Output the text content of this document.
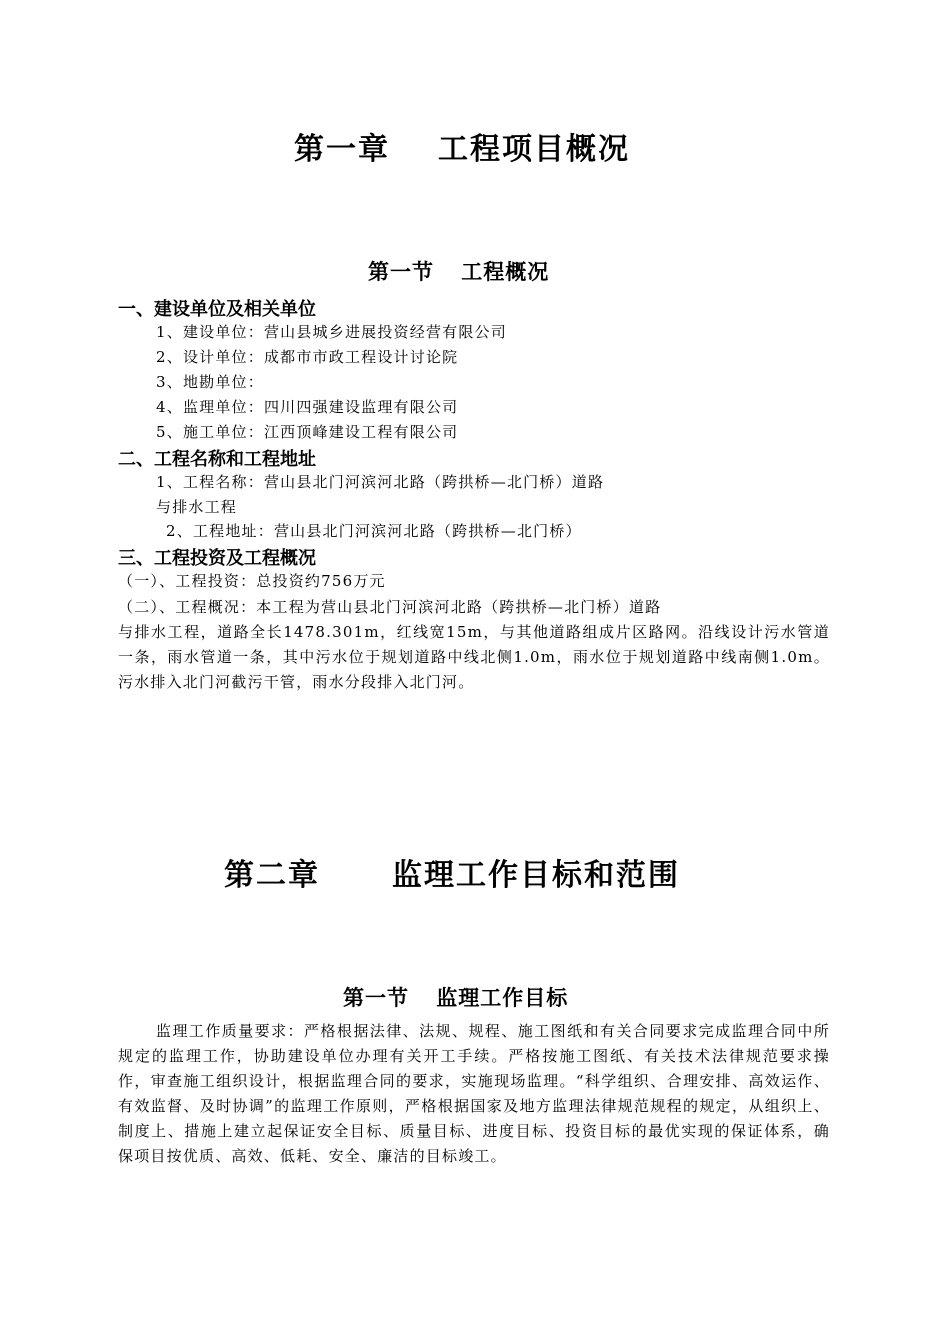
第一章 工程项目概况
第一节 工程概况
一、建设单位及相关单位
1、建设单位：营山县城乡进展投资经营有限公司
2、设计单位：成都市市政工程设计讨论院
3、地勘单位：
4、监理单位：四川四强建设监理有限公司
5、施工单位：江西顶峰建设工程有限公司
二、工程名称和工程地址
1、工程名称：营山县北门河滨河北路（跨拱桥—北门桥）道路
与排水工程
2、工程地址：营山县北门河滨河北路（跨拱桥—北门桥）
三、工程投资及工程概况
（一）、工程投资：总投资约756万元
（二）、工程概况：本工程为营山县北门河滨河北路（跨拱桥—北门桥）道路
与排水工程，道路全长1478.301m，红线宽15m，与其他道路组成片区路网。沿线设计污水管道一条，雨水管道一条，其中污水位于规划道路中线北侧1.0m，雨水位于规划道路中线南侧1.0m。污水排入北门河截污干管，雨水分段排入北门河。
第二章 监理工作目标和范围
第一节 监理工作目标
监理工作质量要求：严格根据法律、法规、规程、施工图纸和有关合同要求完成监理合同中所规定的监理工作，协助建设单位办理有关开工手续。严格按施工图纸、有关技术法律规范要求操作，审查施工组织设计，根据监理合同的要求，实施现场监理。“科学组织、合理安排、高效运作、有效监督、及时协调”的监理工作原则，严格根据国家及地方监理法律规范规程的规定，从组织上、制度上、措施上建立起保证安全目标、质量目标、进度目标、投资目标的最优实现的保证体系，确保项目按优质、高效、低耗、安全、廉洁的目标竣工。
